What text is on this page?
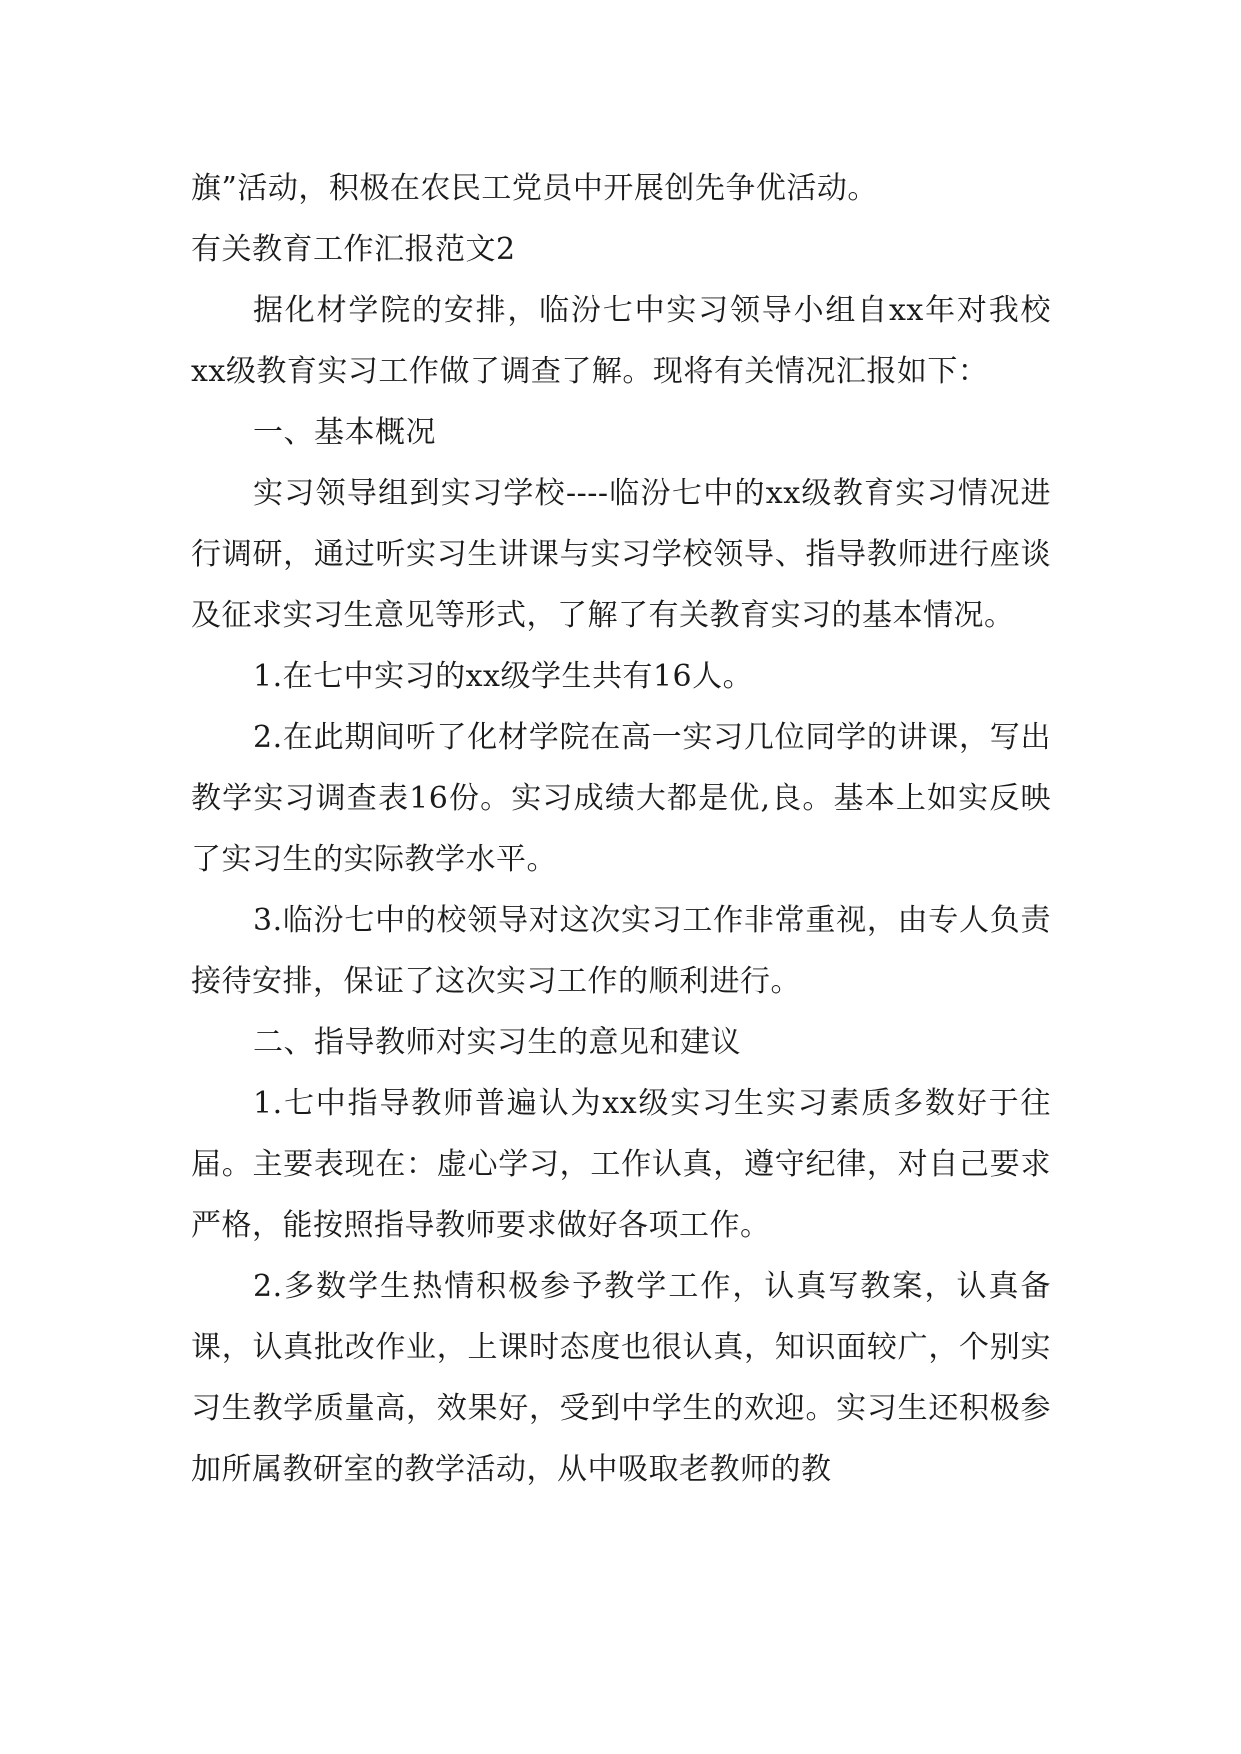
旗”活动，积极在农民工党员中开展创先争优活动。

有关教育工作汇报范文2

据化材学院的安排，临汾七中实习领导小组自xx年对我校xx级教育实习工作做了调查了解。现将有关情况汇报如下：

一、基本概况

实习领导组到实习学校----临汾七中的xx级教育实习情况进行调研，通过听实习生讲课与实习学校领导、指导教师进行座谈及征求实习生意见等形式，了解了有关教育实习的基本情况。

1.在七中实习的xx级学生共有16人。

2.在此期间听了化材学院在高一实习几位同学的讲课，写出教学实习调查表16份。实习成绩大都是优,良。基本上如实反映了实习生的实际教学水平。

3.临汾七中的校领导对这次实习工作非常重视，由专人负责接待安排，保证了这次实习工作的顺利进行。

二、指导教师对实习生的意见和建议

1.七中指导教师普遍认为xx级实习生实习素质多数好于往届。主要表现在：虚心学习，工作认真，遵守纪律，对自己要求严格，能按照指导教师要求做好各项工作。

2.多数学生热情积极参予教学工作，认真写教案，认真备课，认真批改作业，上课时态度也很认真，知识面较广，个别实习生教学质量高，效果好，受到中学生的欢迎。实习生还积极参加所属教研室的教学活动，从中吸取老教师的教
